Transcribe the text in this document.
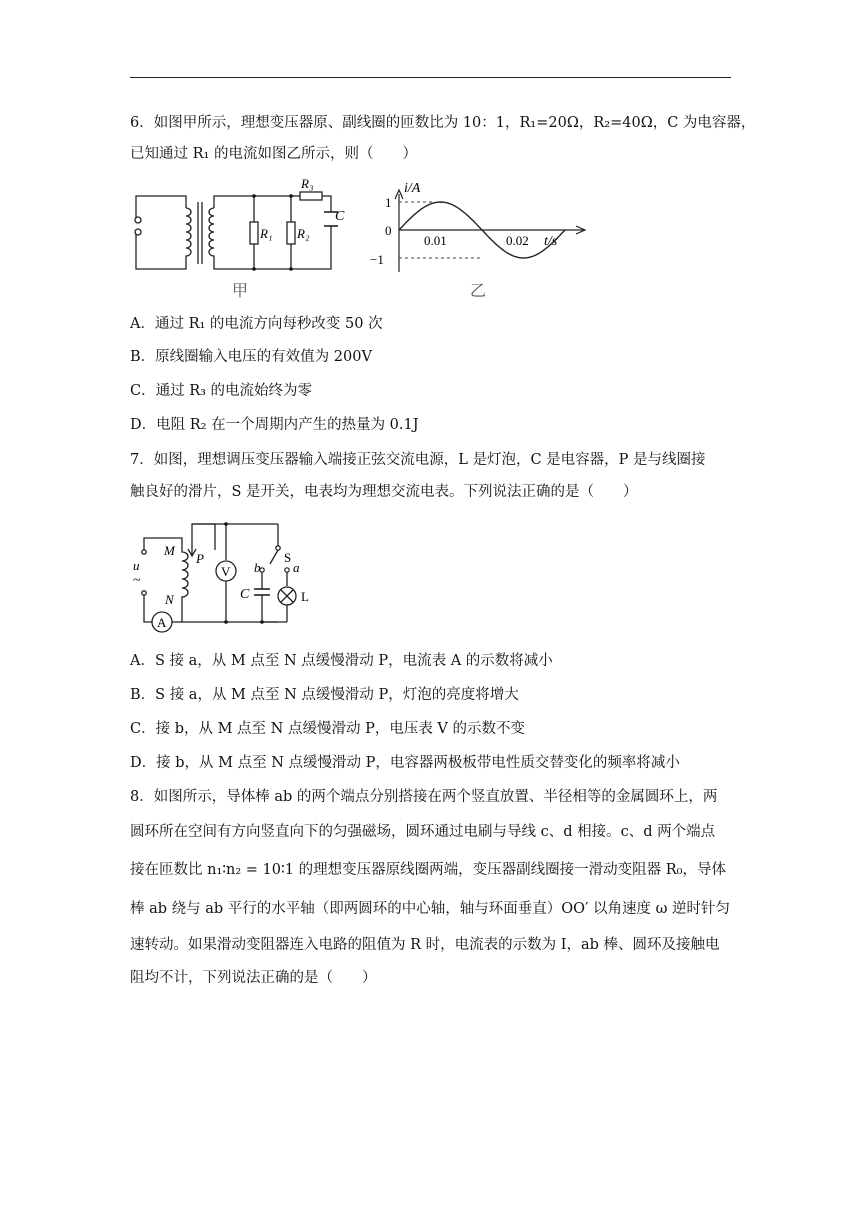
6．如图甲所示，理想变压器原、副线圈的匝数比为 10：1，R₁=20Ω，R₂=40Ω，C 为电容器，
已知通过 R₁ 的电流如图乙所示，则（　　）
R₁ R₂
R₃
C
甲
i/A
1
0
−1
0.01	0.02 t/s
乙
A．通过 R₁ 的电流方向每秒改变 50 次
B．原线圈输入电压的有效值为 200V
C．通过 R₃ 的电流始终为零
D．电阻 R₂ 在一个周期内产生的热量为 0.1J
7．如图，理想调压变压器输入端接正弦交流电源，L 是灯泡，C 是电容器，P 是与线圈接
触良好的滑片，S 是开关，电表均为理想交流电表。下列说法正确的是（　　）
u
~
M
P
N
A
V
S
b	a
C	L
A．S 接 a，从 M 点至 N 点缓慢滑动 P，电流表 A 的示数将减小
B．S 接 a，从 M 点至 N 点缓慢滑动 P，灯泡的亮度将增大
C．接 b，从 M 点至 N 点缓慢滑动 P，电压表 V 的示数不变
D．接 b，从 M 点至 N 点缓慢滑动 P，电容器两极板带电性质交替变化的频率将减小
8．如图所示，导体棒 ab 的两个端点分别搭接在两个竖直放置、半径相等的金属圆环上，两
圆环所在空间有方向竖直向下的匀强磁场，圆环通过电刷与导线 c、d 相接。c、d 两个端点
接在匝数比 n₁∶n₂ = 10∶1 的理想变压器原线圈两端，变压器副线圈接一滑动变阻器 R₀，导体
棒 ab 绕与 ab 平行的水平轴（即两圆环的中心轴，轴与环面垂直）OO′ 以角速度 ω 逆时针匀
速转动。如果滑动变阻器连入电路的阻值为 R 时，电流表的示数为 I，ab 棒、圆环及接触电
阻均不计，下列说法正确的是（　　）
